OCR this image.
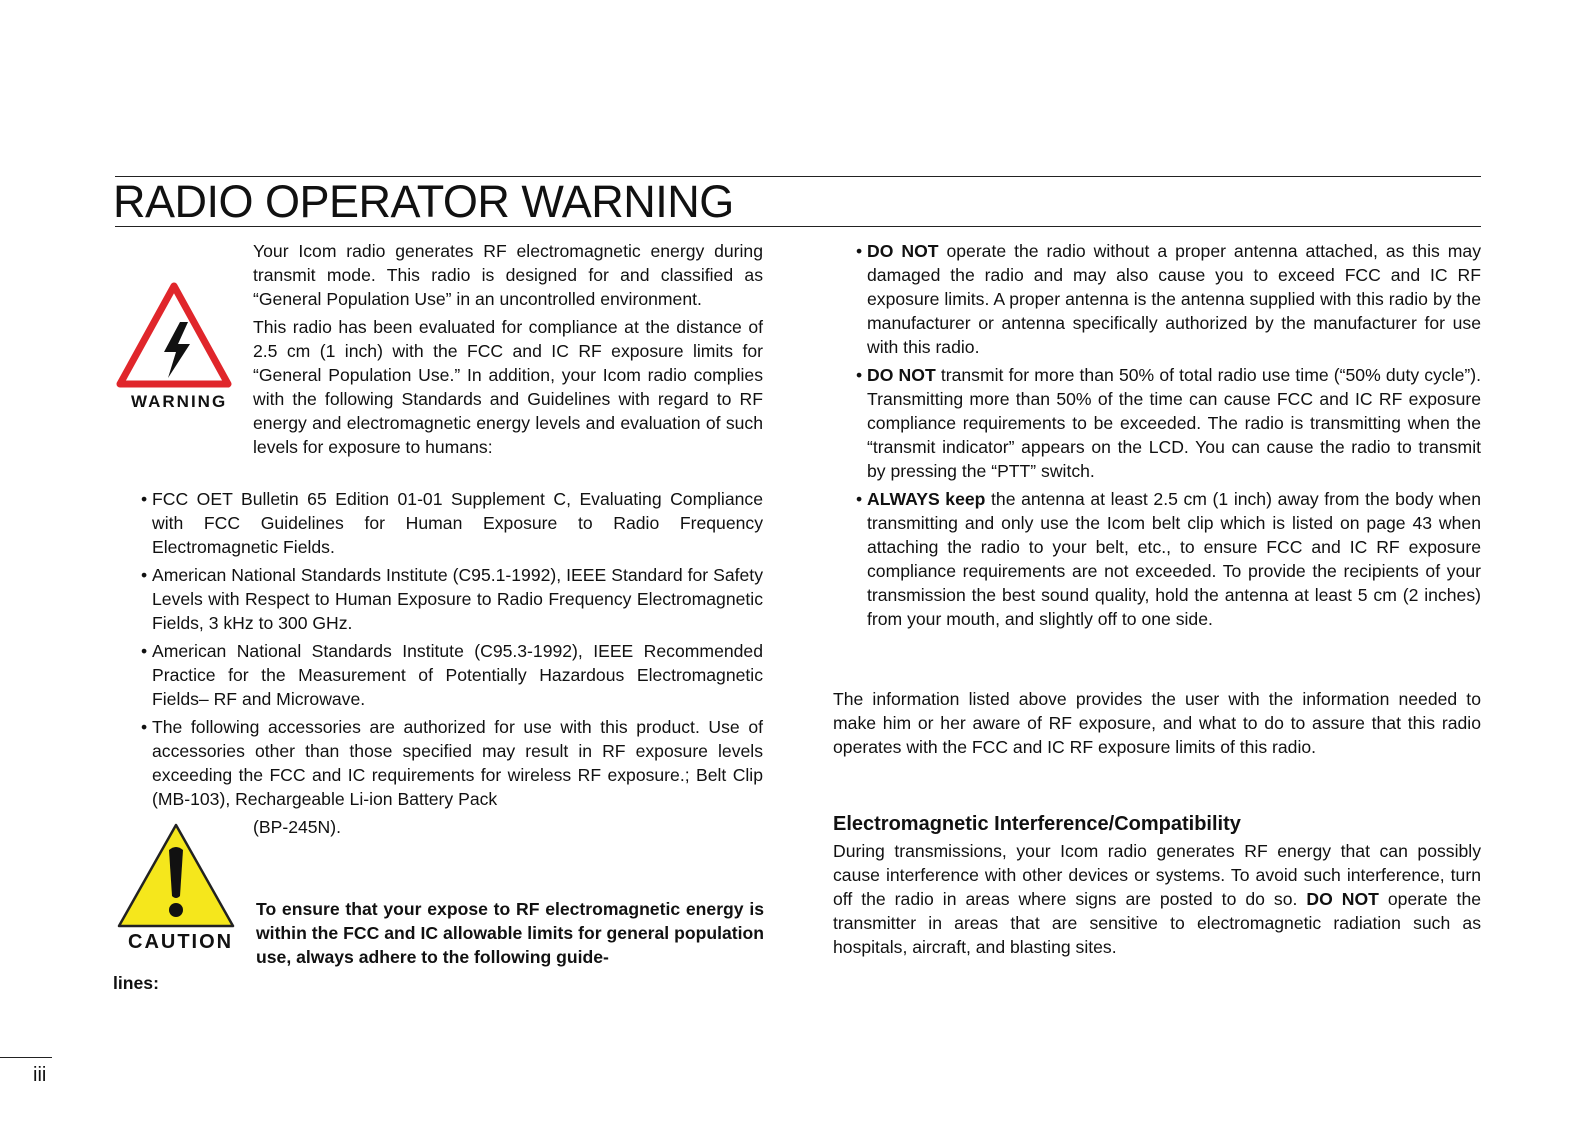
RADIO OPERATOR WARNING
WARNING

Your Icom radio generates RF electromagnetic energy during transmit mode. This radio is designed for and classified as “General Population Use” in an uncontrolled environment.

This radio has been evaluated for compliance at the distance of 2.5 cm (1 inch) with the FCC and IC RF exposure limits for “General Population Use.” In addition, your Icom radio complies with the following Standards and Guidelines with regard to RF energy and electromagnetic energy levels and evaluation of such levels for exposure to humans:

• FCC OET Bulletin 65 Edition 01-01 Supplement C, Evaluating Compliance with FCC Guidelines for Human Exposure to Radio Frequency Electromagnetic Fields.
• American National Standards Institute (C95.1-1992), IEEE Standard for Safety Levels with Respect to Human Exposure to Radio Frequency Electromagnetic Fields, 3 kHz to 300 GHz.
• American National Standards Institute (C95.3-1992), IEEE Recommended Practice for the Measurement of Potentially Hazardous Electromagnetic Fields– RF and Microwave.
• The following accessories are authorized for use with this product. Use of accessories other than those specified may result in RF exposure levels exceeding the FCC and IC requirements for wireless RF exposure.; Belt Clip (MB-103), Rechargeable Li-ion Battery Pack

(BP-245N).

CAUTION

To ensure that your expose to RF electromagnetic energy is within the FCC and IC allowable limits for general population use, always adhere to the following guide-

lines:

• DO NOT operate the radio without a proper antenna attached, as this may damaged the radio and may also cause you to exceed FCC and IC RF exposure limits. A proper antenna is the antenna supplied with this radio by the manufacturer or antenna specifically authorized by the manufacturer for use with this radio.
• DO NOT transmit for more than 50% of total radio use time (“50% duty cycle”). Transmitting more than 50% of the time can cause FCC and IC RF exposure compliance requirements to be exceeded. The radio is transmitting when the “transmit indicator” appears on the LCD. You can cause the radio to transmit by pressing the “PTT” switch.
• ALWAYS keep the antenna at least 2.5 cm (1 inch) away from the body when transmitting and only use the Icom belt clip which is listed on page 43 when attaching the radio to your belt, etc., to ensure FCC and IC RF exposure compliance requirements are not exceeded. To provide the recipients of your transmission the best sound quality, hold the antenna at least 5 cm (2 inches) from your mouth, and slightly off to one side.

The information listed above provides the user with the information needed to make him or her aware of RF exposure, and what to do to assure that this radio operates with the FCC and IC RF exposure limits of this radio.

Electromagnetic Interference/Compatibility

During transmissions, your Icom radio generates RF energy that can possibly cause interference with other devices or systems. To avoid such interference, turn off the radio in areas where signs are posted to do so. DO NOT operate the transmitter in areas that are sensitive to electromagnetic radiation such as hospitals, aircraft, and blasting sites.

iii
